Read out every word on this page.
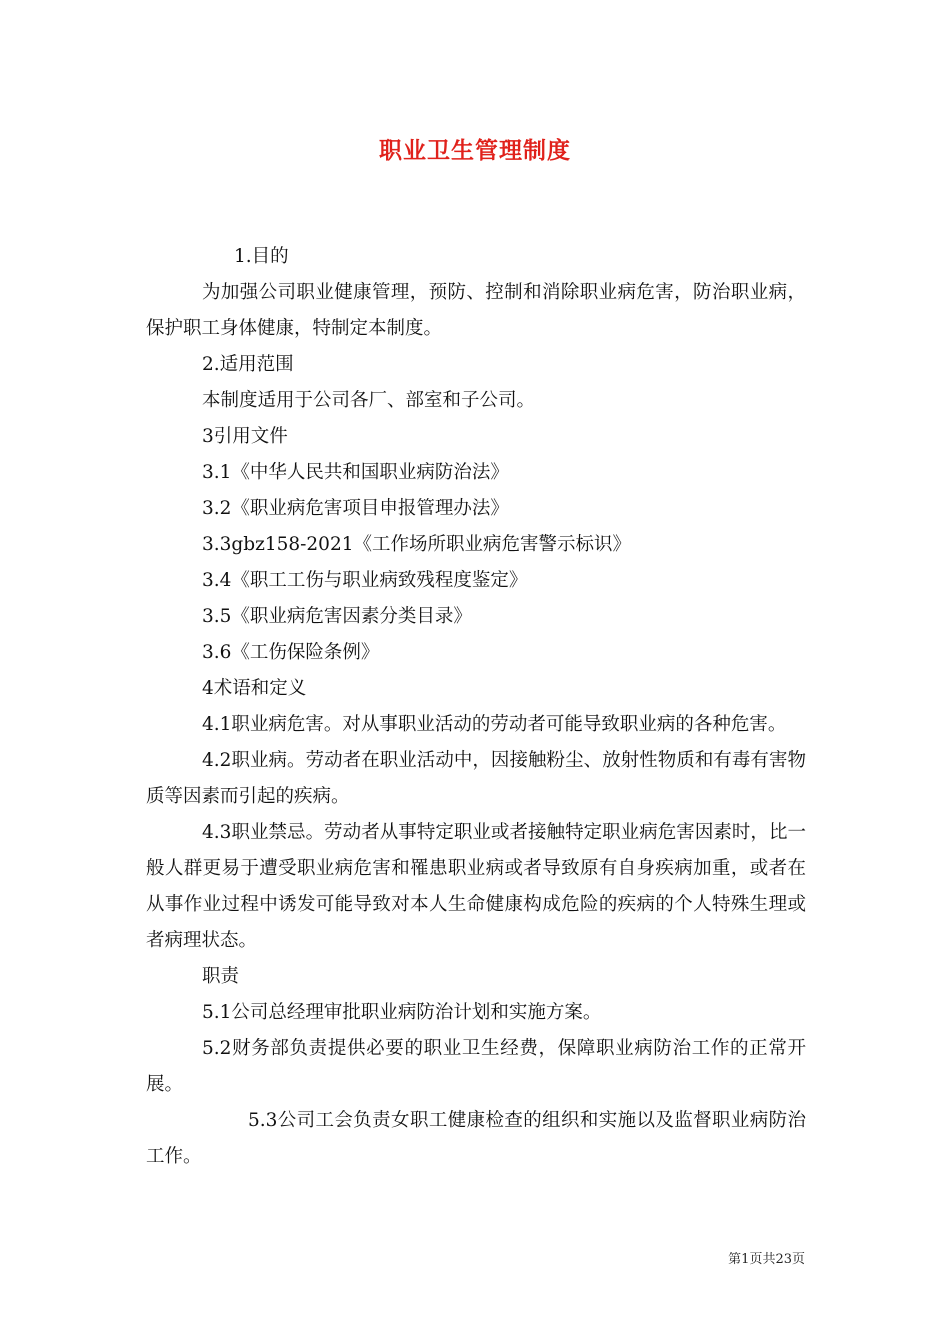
职业卫生管理制度

1.目的

为加强公司职业健康管理，预防、控制和消除职业病危害，防治职业病，保护职工身体健康，特制定本制度。

2.适用范围

本制度适用于公司各厂、部室和子公司。

3引用文件

3.1《中华人民共和国职业病防治法》

3.2《职业病危害项目申报管理办法》

3.3gbz158-2021《工作场所职业病危害警示标识》

3.4《职工工伤与职业病致残程度鉴定》

3.5《职业病危害因素分类目录》

3.6《工伤保险条例》

4术语和定义

4.1职业病危害。对从事职业活动的劳动者可能导致职业病的各种危害。

4.2职业病。劳动者在职业活动中，因接触粉尘、放射性物质和有毒有害物质等因素而引起的疾病。

4.3职业禁忌。劳动者从事特定职业或者接触特定职业病危害因素时，比一般人群更易于遭受职业病危害和罹患职业病或者导致原有自身疾病加重，或者在从事作业过程中诱发可能导致对本人生命健康构成危险的疾病的个人特殊生理或者病理状态。

职责

5.1公司总经理审批职业病防治计划和实施方案。

5.2财务部负责提供必要的职业卫生经费，保障职业病防治工作的正常开展。

5.3公司工会负责女职工健康检查的组织和实施以及监督职业病防治工作。

第1页共23页
